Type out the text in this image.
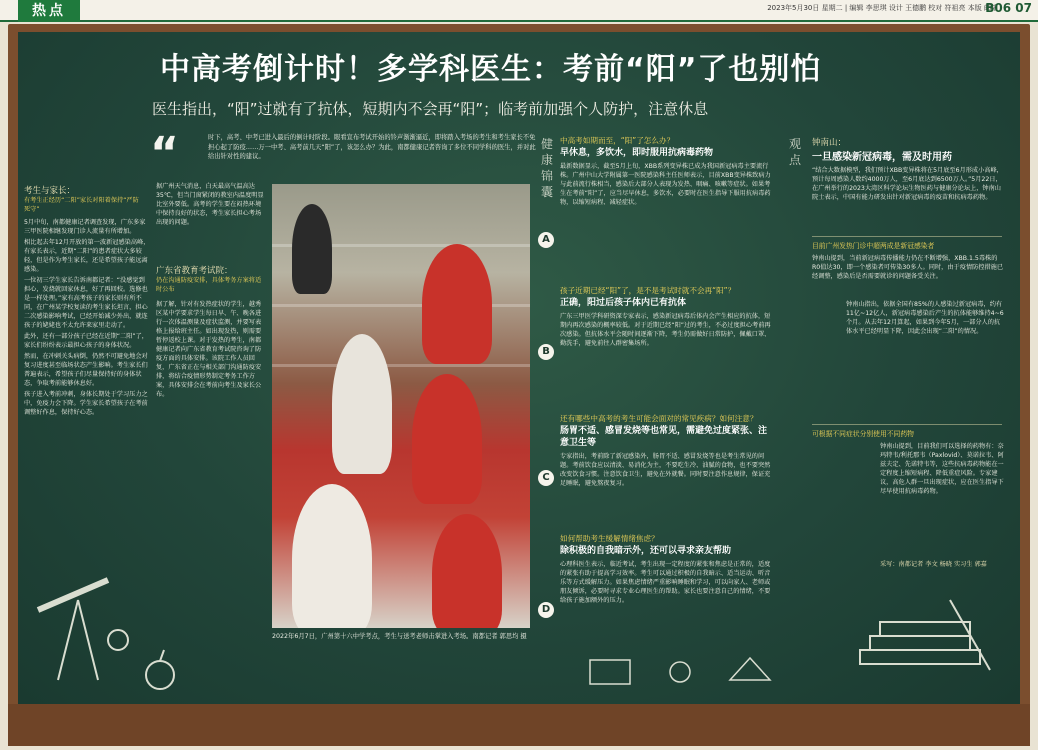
热点	2023年5月30日 星期二 | 编辑 李思琪 设计 王德鹏 校对 符祖亮 本版 邮箱
B06 07
中高考倒计时！多学科医生：考前“阳”了也别怕
医生指出，“阳”过就有了抗体，短期内不会再“阳”；临考前加强个人防护，注意休息
“	时下，高考、中考已进入最后的倒计时阶段。眼看宣布考试开始的铃声渐渐逼近，即将踏入考场的考生和考生家长不免担心起了防疫……万一中考、高考前几天“阳”了，该怎么办？为此，南都健康记者咨询了多位不同学科的医生，并对此给出针对性的建议。
考生与家长：
有考生正经历“二阳”家长对阳着保持“严防死守”

5月中旬，南都健康记者调查发现，广东多家三甲医院相继发现门诊人流量有所增加。

相比起去年12月开放的第一波新冠感染高峰，有家长表示，近期“二阳”的患者症状大多较轻，但是作为考生家长，还是希望孩子能远离感染。

一位初三学生家长告诉南都记者：“没感觉到担心，发烧就回家休息，好了再回校。选修也是一样处理。”家有高考孩子的家长则有所不同，在广州某学校复读的考生家长坦言，担心二次感染影响考试，已经开始减少外出，就连孩子的姥姥也不太允许来家里走动了。

此外，还有一部分孩子已经在近期“二阳”了，家长们纷纷表示最担心孩子的身体状况。

然而，在冲刺关头病倒，仍然不可避免地会对复习进度甚至临场状态产生影响。考生家长们普遍表示，希望孩子们尽量保持好的身体状态，争取考前能够休息好。

孩子进入考前冲刺，身体长期处于学习压力之中，免疫力会下降。学生家长希望孩子在考前调整好作息，保持好心态。

据广州天气消息，白天最高气温高达35℃，但当门窗紧闭的教室内温度明显比室外要低。高考的学生要在闷热环境中保持良好的状态，考生家长担心考场出现的问题。
广东省教育考试院：
仍在沟通防疫安排，具体考务方案将适时公布
据了解，针对有发热症状的学生，越秀区某中学要求学生每日早、午、晚各进行一次体温测量及症状监测，并要写表格上报给班主任。如出现发热，则需要暂停返校上课。对于发热的考生，南都健康记者向广东省教育考试院咨询了防疫方面的具体安排。该院工作人员回复，广东省正在与相关部门沟通防疫安排，将结合疫情形势制定考务工作方案，具体安排会在考前向考生及家长公布。
2022年6月7日，广州第十六中学考点，考生与送考老师击掌进入考场。南都记者 郭思均 摄
健康锦囊
A
中高考如期而至，“阳”了怎么办？
早休息，多饮水，即时服用抗病毒药物
最新数据显示，截至5月上旬，XBB系列变异株已成为我国新冠病毒主要流行株。广州中山大学附属第一医院感染科主任医师表示，目前XBB变异株致病力与此前流行株相当，感染后大部分人表现为发热、咽痛、咳嗽等症状。如果考生在考前“阳”了，应当尽早休息，多饮水，必要时在医生指导下服用抗病毒药物，以缩短病程、减轻症状。
B
孩子近期已经“阳”了，是不是考试时就不会再“阳”？
正确，阳过后孩子体内已有抗体
广东三甲医学科研资深专家表示，感染新冠病毒后体内会产生相应的抗体，短期内再次感染的概率较低。对于近期已经“阳”过的考生，不必过度担心考前再次感染。但抗体水平会随时间逐渐下降，考生仍需做好日常防护，佩戴口罩、勤洗手，避免前往人群密集场所。
C
还有哪些中高考的考生可能会面对的常见疾病？如何注意？
肠胃不适、感冒发烧等也常见，需避免过度紧张、注意卫生等
专家指出，考前除了新冠感染外，肠胃不适、感冒发烧等也是考生常见的问题。考前饮食应以清淡、易消化为主，不要吃生冷、油腻的食物，也不要突然改变饮食习惯。注意饮食卫生，避免在外就餐。同时要注意作息规律，保证充足睡眠，避免熬夜复习。
D
如何帮助考生缓解情绪焦虑？
除积极的自我暗示外，还可以寻求亲友帮助
心理科医生表示，临近考试，考生出现一定程度的紧张和焦虑是正常的，适度的紧张有助于提高学习效率。考生可以通过积极的自我暗示、适当运动、听音乐等方式缓解压力。如果焦虑情绪严重影响睡眠和学习，可以向家人、老师或朋友倾诉，必要时寻求专业心理医生的帮助。家长也要注意自己的情绪，不要给孩子施加额外的压力。
观点
钟南山：
一旦感染新冠病毒，需及时用药
“结合大数据模型，我们预计XBB变异株将在5月底至6月形成小高峰，预计每周感染人数约4000万人，至6月底达到6500万人。”5月22日，在广州举行的2023大湾区科学论坛生物医药与健康分论坛上，钟南山院士表示，中国有能力研发出针对新冠病毒的疫苗和抗病毒药物。
目前广州发热门诊中超两成是新冠感染者
钟南山提到，当前新冠病毒传播能力仍在不断增强，XBB.1.5毒株的R0值达30，即一个感染者可传染30多人。同时，由于疫情防控措施已经调整，感染后是否需要就诊的问题备受关注。
钟南山指出，依据全国有85%的人感染过新冠病毒，约有11亿~12亿人，新冠病毒感染后产生的抗体能够维持4~6个月。从去年12月算起，如果到今年5月，一部分人的抗体水平已经明显下降，因此会出现“二阳”的情况。
可根据不同症状分别使用不同药物
钟南山提到，目前我们可以选择的药物有：奈玛特韦/利托那韦（Paxlovid）、莫诺拉韦、阿兹夫定、先诺特韦等，这些抗病毒药物能在一定程度上缩短病程、降低重症风险。专家建议，高危人群一旦出现症状，应在医生指导下尽早使用抗病毒药物。
采写：南都记者 李文 杨晓 实习生 郭嘉
